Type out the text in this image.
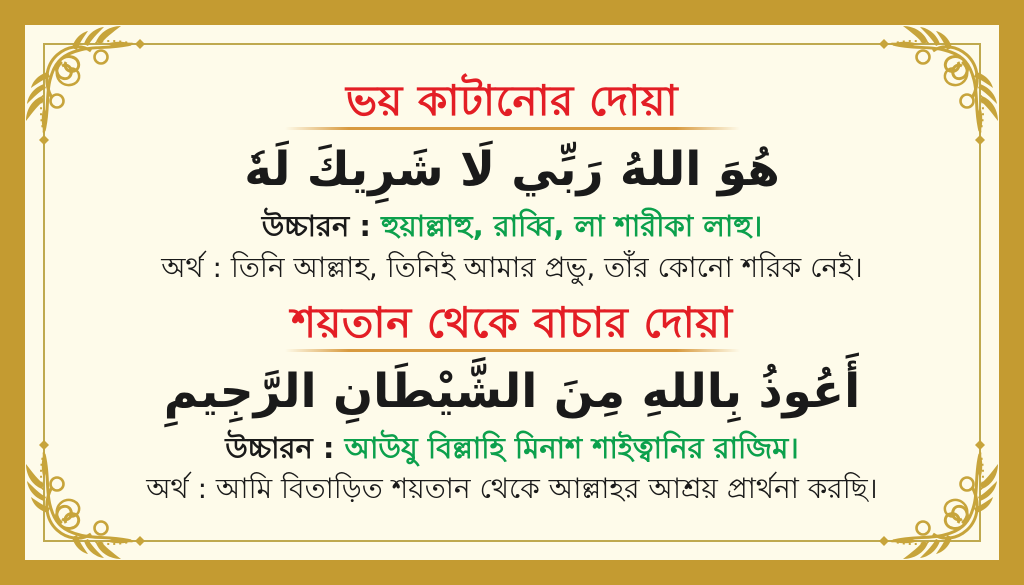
ভয় কাটানোর দোয়া
هُوَ اللهُ رَبِّي لَا شَرِيكَ لَهٗ

উচ্চারন : হুয়াল্লাহু, রাব্বি, লা শারীকা লাহু।

অর্থ : তিনি আল্লাহ, তিনিই আমার প্রভু, তাঁর কোনো শরিক নেই।

শয়তান থেকে বাচার দোয়া
أَعُوذُ بِاللهِ مِنَ الشَّيْطَانِ الرَّجِيمِ

উচ্চারন : আউযু বিল্লাহি মিনাশ শাইত্বানির রাজিম।

অর্থ : আমি বিতাড়িত শয়তান থেকে আল্লাহর আশ্রয় প্রার্থনা করছি।
